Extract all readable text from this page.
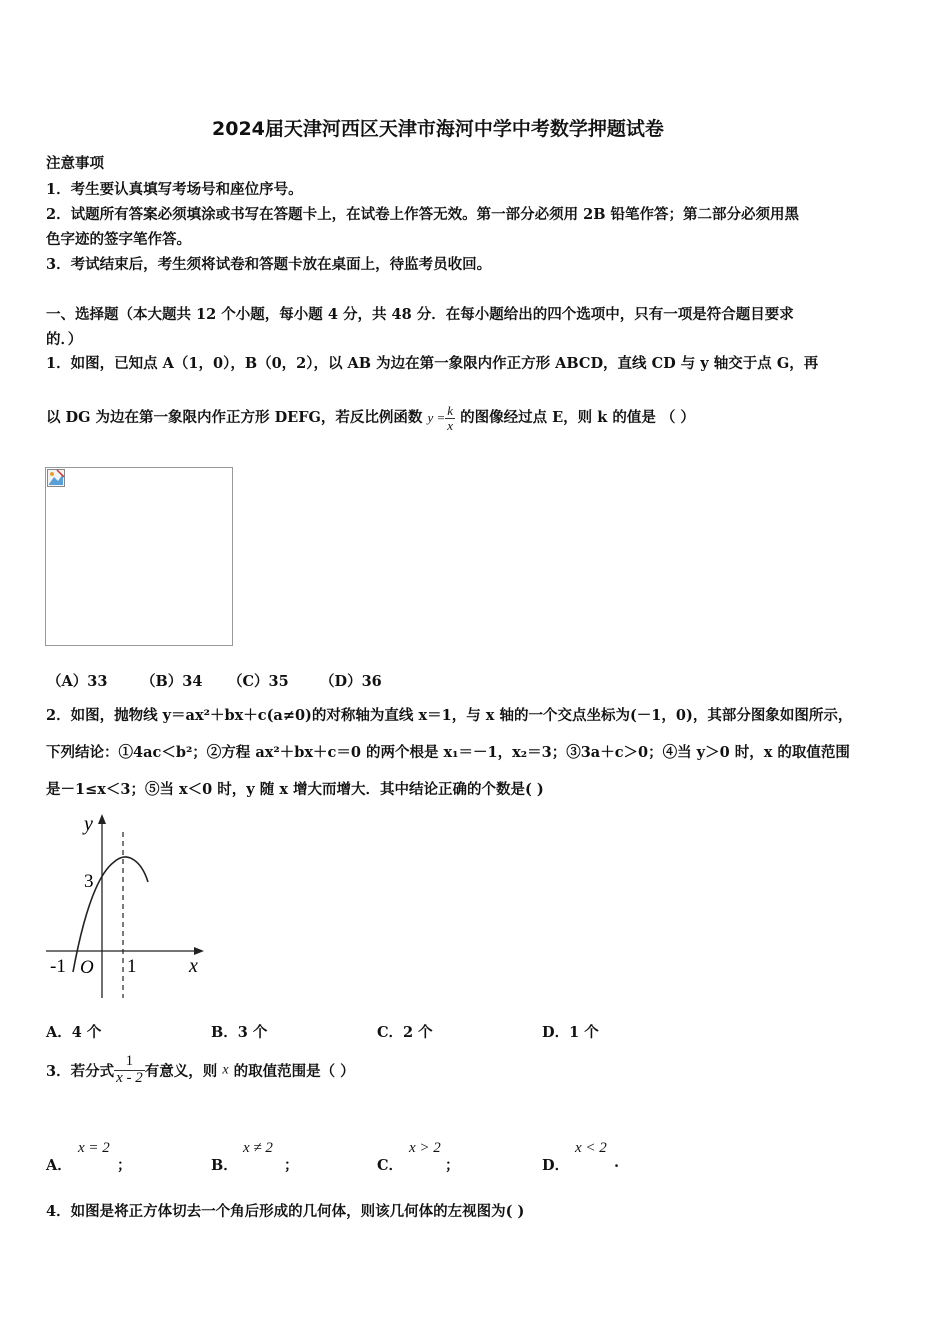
2024届天津河西区天津市海河中学中考数学押题试卷
注意事项
1．考生要认真填写考场号和座位序号。
2．试题所有答案必须填涂或书写在答题卡上，在试卷上作答无效。第一部分必须用 2B 铅笔作答；第二部分必须用黑
色字迹的签字笔作答。
3．考试结束后，考生须将试卷和答题卡放在桌面上，待监考员收回。
一、选择题（本大题共 12 个小题，每小题 4 分，共 48 分．在每小题给出的四个选项中，只有一项是符合题目要求
的．）
1．如图，已知点 A（1，0），B（0，2），以 AB 为边在第一象限内作正方形 ABCD，直线 CD 与 y 轴交于点 G，再
以 DG 为边在第一象限内作正方形 DEFG，若反比例函数 $y = \frac{k}{x}$ 的图像经过点 E，则 k 的值是 （ ）
（A）33 （B）34 （C）35 （D）36
2．如图，抛物线 y＝ax²＋bx＋c(a≠0)的对称轴为直线 x＝1，与 x 轴的一个交点坐标为(－1，0)，其部分图象如图所示，
下列结论：①4ac＜b²；②方程 ax²＋bx＋c＝0 的两个根是 x₁＝－1，x₂＝3；③3a＋c＞0；④当 y＞0 时，x 的取值范围
是－1≤x＜3；⑤当 x＜0 时，y 随 x 增大而增大．其中结论正确的个数是( )
y
x
3
-1 O 1
A．4 个	B．3 个	C．2 个	D．1 个
3．若分式 $\frac{1}{x - 2}$ 有意义，则 x 的取值范围是（ ）
A．
x = 2
；	B．
x ≠ 2
；	C．
x > 2
；	D．
x < 2
.
4．如图是将正方体切去一个角后形成的几何体，则该几何体的左视图为( )
